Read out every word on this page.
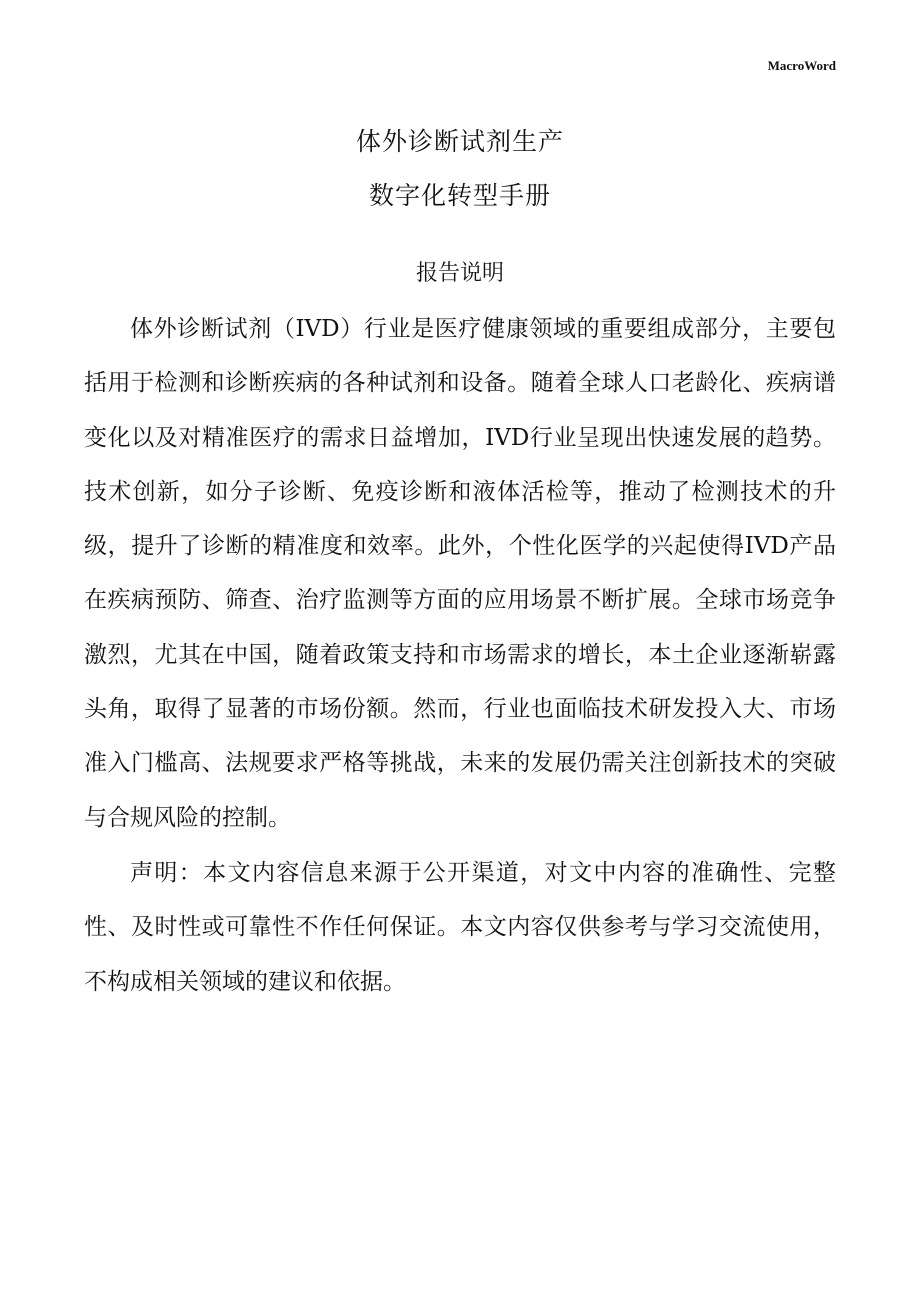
MacroWord
体外诊断试剂生产
数字化转型手册
报告说明

体外诊断试剂（IVD）行业是医疗健康领域的重要组成部分，主要包括用于检测和诊断疾病的各种试剂和设备。随着全球人口老龄化、疾病谱变化以及对精准医疗的需求日益增加，IVD行业呈现出快速发展的趋势。技术创新，如分子诊断、免疫诊断和液体活检等，推动了检测技术的升级，提升了诊断的精准度和效率。此外，个性化医学的兴起使得IVD产品在疾病预防、筛查、治疗监测等方面的应用场景不断扩展。全球市场竞争激烈，尤其在中国，随着政策支持和市场需求的增长，本土企业逐渐崭露头角，取得了显著的市场份额。然而，行业也面临技术研发投入大、市场准入门槛高、法规要求严格等挑战，未来的发展仍需关注创新技术的突破与合规风险的控制。

声明：本文内容信息来源于公开渠道，对文中内容的准确性、完整性、及时性或可靠性不作任何保证。本文内容仅供参考与学习交流使用，不构成相关领域的建议和依据。
